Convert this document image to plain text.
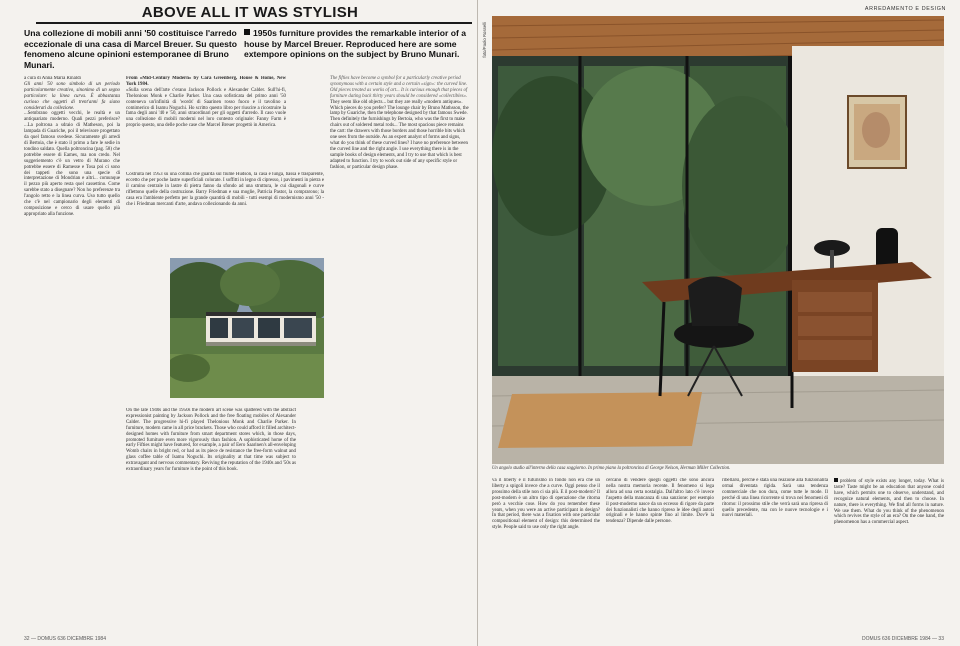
ABOVE ALL IT WAS STYLISH
Una collezione di mobili anni '50 costituisce l'arredo eccezionale di una casa di Marcel Breuer. Su questo fenomeno alcune opinioni estemporanee di Bruno Munari.
1950s furniture provides the remarkable interior of a house by Marcel Breuer. Reproduced here are some extempore opinions on the subject by Bruno Munari.
a cura di Anna Maria Rinaldi
Gli anni '50 sono simbolo di un periodo particolarmente creativo, sinonimo di un segno particolare: la linea curva. È abbastanza curioso che oggetti di trent'anni fa siano considerati da collezione.
...Sembrano oggetti vecchi, le realtà e un antiquariato moderno. Quali pezzi preferisce? ...La poltrona a sdraio di Matheson, poi la lampada di Guariche, poi il televisore progettato da quel famoso svedese. Sicuramente gli arredi di Bertoia, che è stato il primo a fare le sedie in tondino saldato. Quella poltroncina (pag. 58) che potrebbe essere di Eames, ma non credo. Nel suggeriemento c'è un vetro di Murano che potrebbe essere di Ramesse e Tosa poi ci sono dei tappeti che sono una specie di interpretazione di Mondrian e altri... comunque il pezzo più aperto resta quel cassettino. Come sarebbe stato a disegnare? Non ho preferenze tra l'angolo retto e la linea curva. Uso tutto quello che c'è nel campionario degli elementi di composizione e cerco di usare quello più appropriato alla funzione.
From «Mid-Century Modern» by Cara Greenberg, House & Home, New York 1984.
«Sulla scena dell'arte c'erano Jackson Pollock e Alexander Calder. Sull'hi-fi, Thelonious Monk e Charlie Parker. Una casa sofisticata del primo anni '50 conteneva un'infinità di 'words' di Saarinen rosso fuoco e il tavolino a comimerico di Isamu Noguchi. Ho scritto questo libro per riuscire a ricostruire la fama degli anni '40 e '50, anni straordinari per gli oggetti d'arredo. Il caso vuole una collezione di mobili moderni nel loro contesto originale: Fanny Farm è proprio questo, una delle poche case che Marcel Breuer progettò in America.
The fifties have become a symbol for a particularly creative period synonymous with a certain style and a certain «sign»: the curved line. Old pieces treated as works of art... It is curious enough that pieces of furniture dating back thirty years should be considered «collectibles».
They seem like old objects... but they are really «modern antiques». Which pieces do you prefer? The lounge chair by Bruno Mathsson, the lamp by Guariche, then the telephone designed by that famous Swede. Then definitely the furnishings by Bertoia, who was the first to make chairs out of soldered metal rods... The most spacious piece remains the cart: the drawers with those borders and those horrible bits which one sees from the outside. As an expert analyst of forms and signs, what do you think of these curved lines? I have no preference between the curved line and the right angle. I use everything there is in the sample books of design elements, and I try to use that which is best adapted to function. I try to work out side of any specific style or fashion, or particular design phase.
Costruita nel 1953 su una collina che guarda sul fiume Hudson, la casa è lunga, bassa e trasparente, eccetto che per poche lastre superficiali colorate. I soffitti in legno di cipresso, i pavimenti in pietra e il camino centrale in lastre di pietra fanno da sfondo ad una struttura, le cui diagonali e curve riflettono quelle della costruzione. Barry Friedman e sua moglie, Patricia Pastor, la comprarono; la casa era l'ambiente perfetto per la grande quantità di mobili - tutti esempi di modernismo anni '50 - che i Friedman mercanti d'arte, andava collezionando da anni.
On the late 1940s and the 1950s the modern art scene was spattered with the abstract expressionist painting by Jackson Pollock and the free floating mobiles of Alexander Calder. The progressive hi-fi played Thelonious Monk and Charlie Parker. In furniture, modern came in all price brackets. Those who could afford it filled architect-designed homes with furniture from smart department stores which, in those days, promoted furniture even more vigorously than fashion. A sophisticated home of the early Fifties might have featured, for example, a pair of Eero Saarinen's all-enveloping Womb chairs in bright red, or had as its piece de resistance the free-form walnut and glass coffee table of Isamu Noguchi. Its originality at that time was subject to extravagant and nervous commentary. Reviving the reputation of the 1940s and '50s as extraordinary years for furniture is the point of this book.
32 — DOMUS 636 DICEMBRE 1984
ARREDAMENTO E DESIGN
foto/Paolo Rosselli
Un angolo studio all'interno della casa soggiorno. In primo piano la poltroncina di George Nelson, Herman Miller Collection.
va il liberty e il futurismo in fondo non era che un liberty a spigoli invece che a curve. Oggi penso che il prossimo della stile non ci sia più. E il post-modern? Il post-modern è un altro tipo di operazione che ritorna però a vecchie cose. How do you remember these years, when you were an active participant in design? In that period, there was a fixation with one particular compositional element of design: this determined the style. People said to use only the right angle.
cercano di vendere quegli oggetti che sono ancora nella nostra memoria recente. Il fenomeno si lega allora ad una certa nostalgia. Dall'altro lato c'è invece l'aspetto della mancanza di una sanzione: per esempio il post-moderno nasce da un eccesso di rigore da parte dei funzionalisti che hanno ripreso le idee degli autori originali e le hanno spinte fino al limite. Dov'è la tendenza? Dipende dalle persone.
ribellarsi, perché è stata una reazione alla funzionalità ormai diventata rigida. Sarà una tendenza commerciale che non dura, come tutte le mode. Il perché di una linea ricorrente si trova nei fenomeni di ritorno: il prossimo stile che verrà sarà una ripresa di quello precedente, ma con le nuove tecnologie e i nuovi materiali.
problem of style exists any longer, today. What is taste? Taste might be an education that anyone could have, which permits one to observe, understand, and recognize natural elements, and then to choose. In nature, there is everything. We find all forms in nature. We use them. What do you think of the phenomenon which revives the style of an era? On the one hand, the phenomenon has a commercial aspect.
DOMUS 636 DICEMBRE 1984 — 33
